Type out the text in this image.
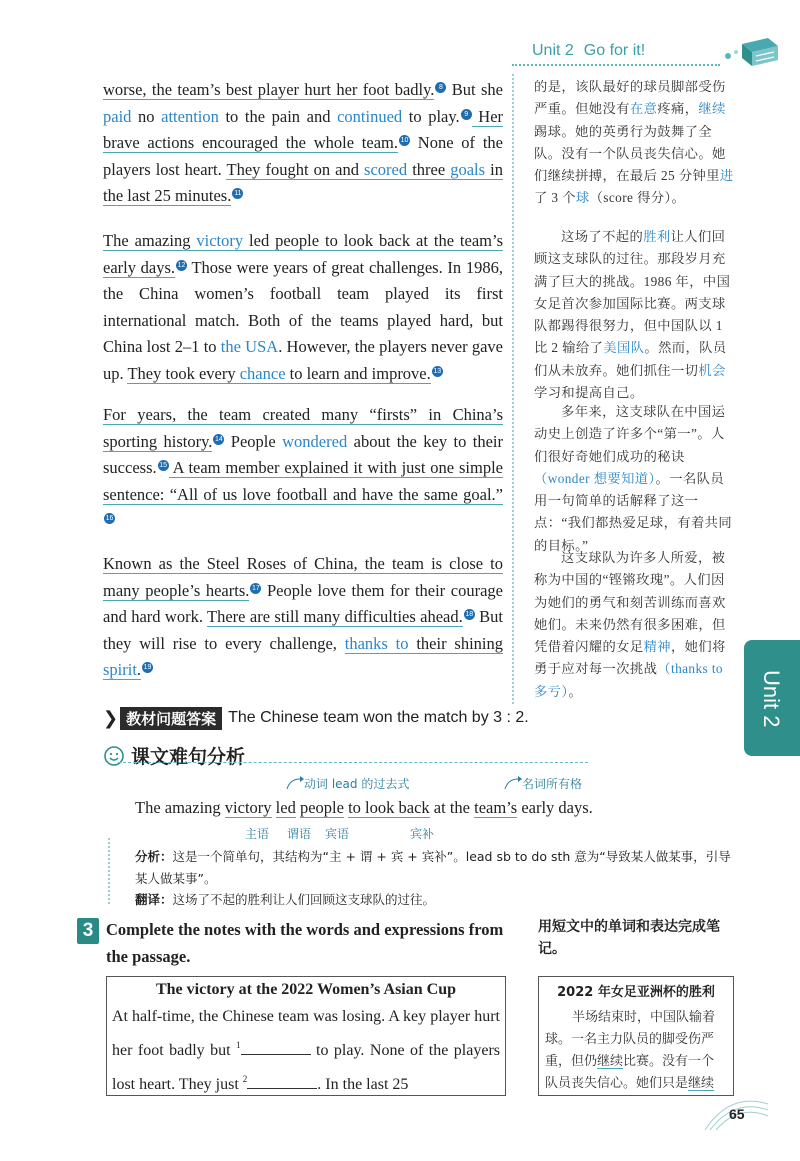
Unit 2 Go for it!
worse, the team’s best player hurt her foot badly. 8 But she paid no attention to the pain and continued to play. 9 Her brave actions encouraged the whole team. 10 None of the players lost heart. They fought on and scored three goals in the last 25 minutes. 11
The amazing victory led people to look back at the team’s early days. 12 Those were years of great challenges. In 1986, the China women’s football team played its first international match. Both of the teams played hard, but China lost 2–1 to the USA. However, the players never gave up. They took every chance to learn and improve. 13
For years, the team created many “firsts” in China’s sporting history. 14 People wondered about the key to their success. 15 A team member explained it with just one simple sentence: “All of us love football and have the same goal.”16
Known as the Steel Roses of China, the team is close to many people’s hearts. 17 People love them for their courage and hard work. There are still many difficulties ahead. 18 But they will rise to every challenge, thanks to their shining spirit. 19
的是，该队最好的球员脚部受伤严重。但她没有在意疼痛，继续踢球。她的英勇行为鼓舞了全队。没有一个队员丧失信心。她们继续拼搏，在最后 25 分钟里进了 3 个球（score 得分）。
这场了不起的胜利让人们回顾这支球队的过往。那段岁月充满了巨大的挑战。1986 年，中国女足首次参加国际比赛。两支球队都踢得很努力，但中国队以 1 比 2 输给了美国队。然而，队员们从未放弃。她们抓住一切机会学习和提高自己。
多年来，这支球队在中国运动史上创造了许多个“第一”。人们很好奇她们成功的秘诀（wonder 想要知道）。一名队员用一句简单的话解释了这一点：“我们都热爱足球，有着共同的目标。”
这支球队为许多人所爱，被称为中国的“铿锵玫瑰”。人们因为她们的勇气和刻苦训练而喜欢她们。未来仍然有很多困难，但凭借着闪耀的女足精神，她们将勇于应对每一次挑战（thanks to 多亏）。	Unit 2
❯ 教材问题答案 The Chinese team won the match by 3 : 2.
课文难句分析
动词 lead 的过去式	名词所有格
The amazing victory led people to look back at the team’s early days.
主语 谓语 宾语	宾补
分析：这是一个简单句，其结构为“主 + 谓 + 宾 + 宾补”。lead sb to do sth 意为“导致某人做某事，引导某人做某事”。
翻译：这场了不起的胜利让人们回顾这支球队的过往。
3 Complete the notes with the words and expressions from the passage.
用短文中的单词和表达完成笔记。
The victory at the 2022 Women’s Asian Cup
At half-time, the Chinese team was losing. A key player hurt her foot badly but $^1$	to play. None of the players lost heart. They just $^2$	. In the last 25
2022 年女足亚洲杯的胜利
半场结束时，中国队输着球。一名主力队员的脚受伤严重，但仍继续比赛。没有一个队员丧失信心。她们只是继续
65
